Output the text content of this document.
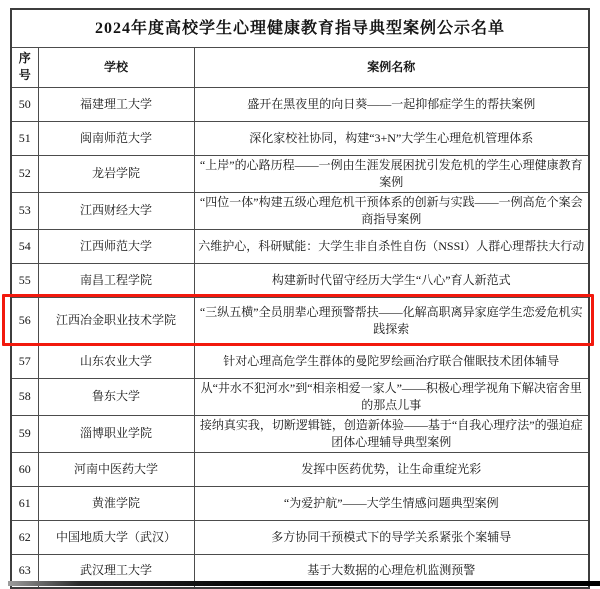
2024年度高校学生心理健康教育指导典型案例公示名单		
序号	学校	案例名称
50	福建理工大学	盛开在黑夜里的向日葵——一起抑郁症学生的帮扶案例
51	闽南师范大学	深化家校社协同，构建“3+N”大学生心理危机管理体系
52	龙岩学院	“上岸”的心路历程——一例由生涯发展困扰引发危机的学生心理健康教育案例
53	江西财经大学	“四位一体”构建五级心理危机干预体系的创新与实践——一例高危个案会商指导案例
54	江西师范大学	六维护心，科研赋能：大学生非自杀性自伤（NSSI）人群心理帮扶大行动
55	南昌工程学院	构建新时代留守经历大学生“八心”育人新范式
56	江西冶金职业技术学院	“三纵五横”全员朋辈心理预警帮扶——化解高职离异家庭学生恋爱危机实践探索
57	山东农业大学	针对心理高危学生群体的曼陀罗绘画治疗联合催眠技术团体辅导
58	鲁东大学	从“井水不犯河水”到“相亲相爱一家人”——积极心理学视角下解决宿舍里的那点儿事
59	淄博职业学院	接纳真实我，切断逻辑链，创造新体验——基于“自我心理疗法”的强迫症团体心理辅导典型案例
60	河南中医药大学	发挥中医药优势，让生命重绽光彩
61	黄淮学院	“为爱护航”——大学生情感问题典型案例
62	中国地质大学（武汉）	多方协同干预模式下的导学关系紧张个案辅导
63	武汉理工大学	基于大数据的心理危机监测预警
